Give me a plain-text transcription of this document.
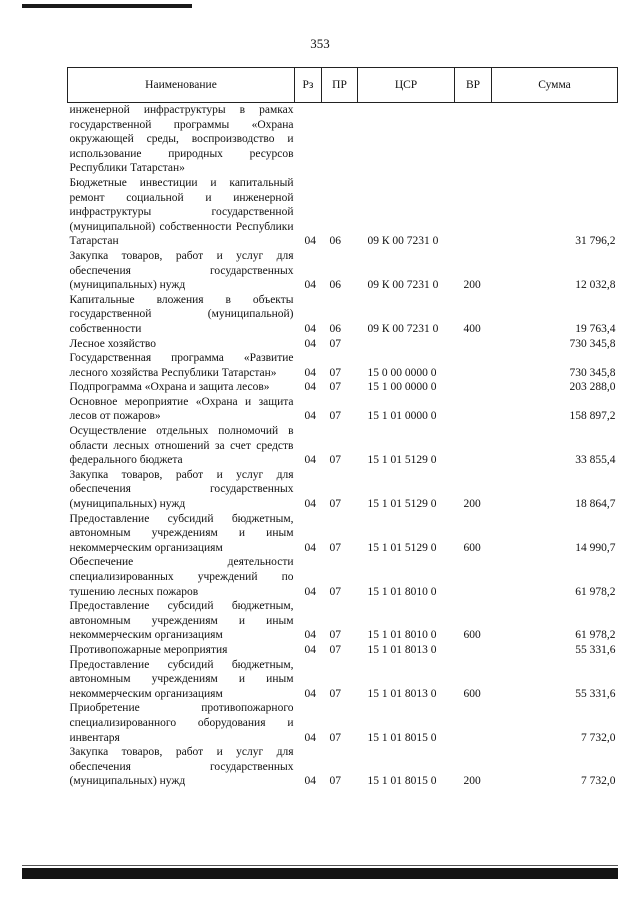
353
Наименование	Рз	ПР	ЦСР	ВР	Сумма
инженерной инфраструктуры в рамках государственной программы «Охрана окружающей среды, воспроизводство и использование природных ресурсов Республики Татарстан»					
Бюджетные инвестиции и капитальный ремонт социальной и инженерной инфраструктуры государственной (муниципальной) собственности Республики Татарстан	04	06	09 К 00 7231 0		31 796,2
Закупка товаров, работ и услуг для обеспечения государственных (муниципальных) нужд	04	06	09 К 00 7231 0	200	12 032,8
Капитальные вложения в объекты государственной (муниципальной) собственности	04	06	09 К 00 7231 0	400	19 763,4
Лесное хозяйство	04	07			730 345,8
Государственная программа «Развитие лесного хозяйства Республики Татарстан»	04	07	15 0 00 0000 0		730 345,8
Подпрограмма «Охрана и защита лесов»	04	07	15 1 00 0000 0		203 288,0
Основное мероприятие «Охрана и защита лесов от пожаров»	04	07	15 1 01 0000 0		158 897,2
Осуществление отдельных полномочий в области лесных отношений за счет средств федерального бюджета	04	07	15 1 01 5129 0		33 855,4
Закупка товаров, работ и услуг для обеспечения государственных (муниципальных) нужд	04	07	15 1 01 5129 0	200	18 864,7
Предоставление субсидий бюджетным, автономным учреждениям и иным некоммерческим организациям	04	07	15 1 01 5129 0	600	14 990,7
Обеспечение деятельности специализированных учреждений по тушению лесных пожаров	04	07	15 1 01 8010 0		61 978,2
Предоставление субсидий бюджетным, автономным учреждениям и иным некоммерческим организациям	04	07	15 1 01 8010 0	600	61 978,2
Противопожарные мероприятия	04	07	15 1 01 8013 0		55 331,6
Предоставление субсидий бюджетным, автономным учреждениям и иным некоммерческим организациям	04	07	15 1 01 8013 0	600	55 331,6
Приобретение противопожарного специализированного оборудования и инвентаря	04	07	15 1 01 8015 0		7 732,0
Закупка товаров, работ и услуг для обеспечения государственных (муниципальных) нужд	04	07	15 1 01 8015 0	200	7 732,0
